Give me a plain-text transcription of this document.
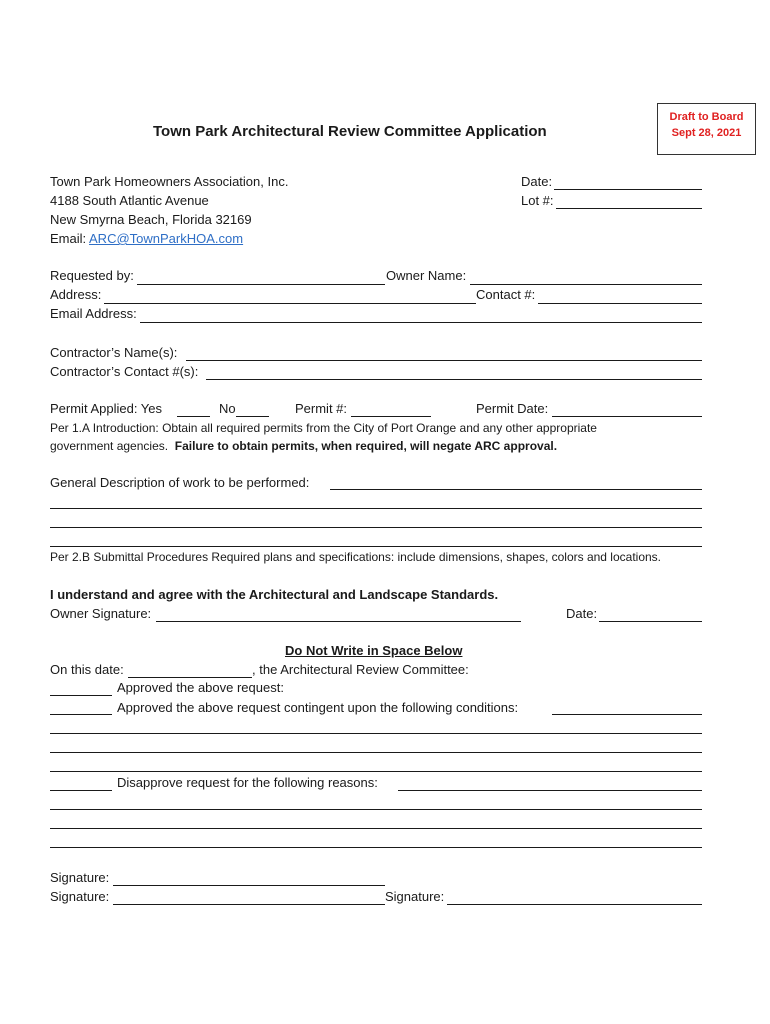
Draft to Board
Sept 28, 2021
Town Park Architectural Review Committee Application
Town Park Homeowners Association, Inc.
4188 South Atlantic Avenue
New Smyrna Beach, Florida 32169
Email: ARC@TownParkHOA.com
Date:
Lot #:
Requested by:	Owner Name:
Address:	Contact #:
Email Address:
Contractor’s Name(s):
Contractor’s Contact #(s):
Permit Applied: Yes	No	Permit #:	Permit Date:
Per 1.A Introduction: Obtain all required permits from the City of Port Orange and any other appropriate
government agencies. Failure to obtain permits, when required, will negate ARC approval.
General Description of work to be performed:
Per 2.B Submittal Procedures Required plans and specifications: include dimensions, shapes, colors and locations.
I understand and agree with the Architectural and Landscape Standards.
Owner Signature:	Date:
Do Not Write in Space Below
On this date:	, the Architectural Review Committee:
Approved the above request:
Approved the above request contingent upon the following conditions:
Disapprove request for the following reasons:
Signature:
Signature:	Signature:
